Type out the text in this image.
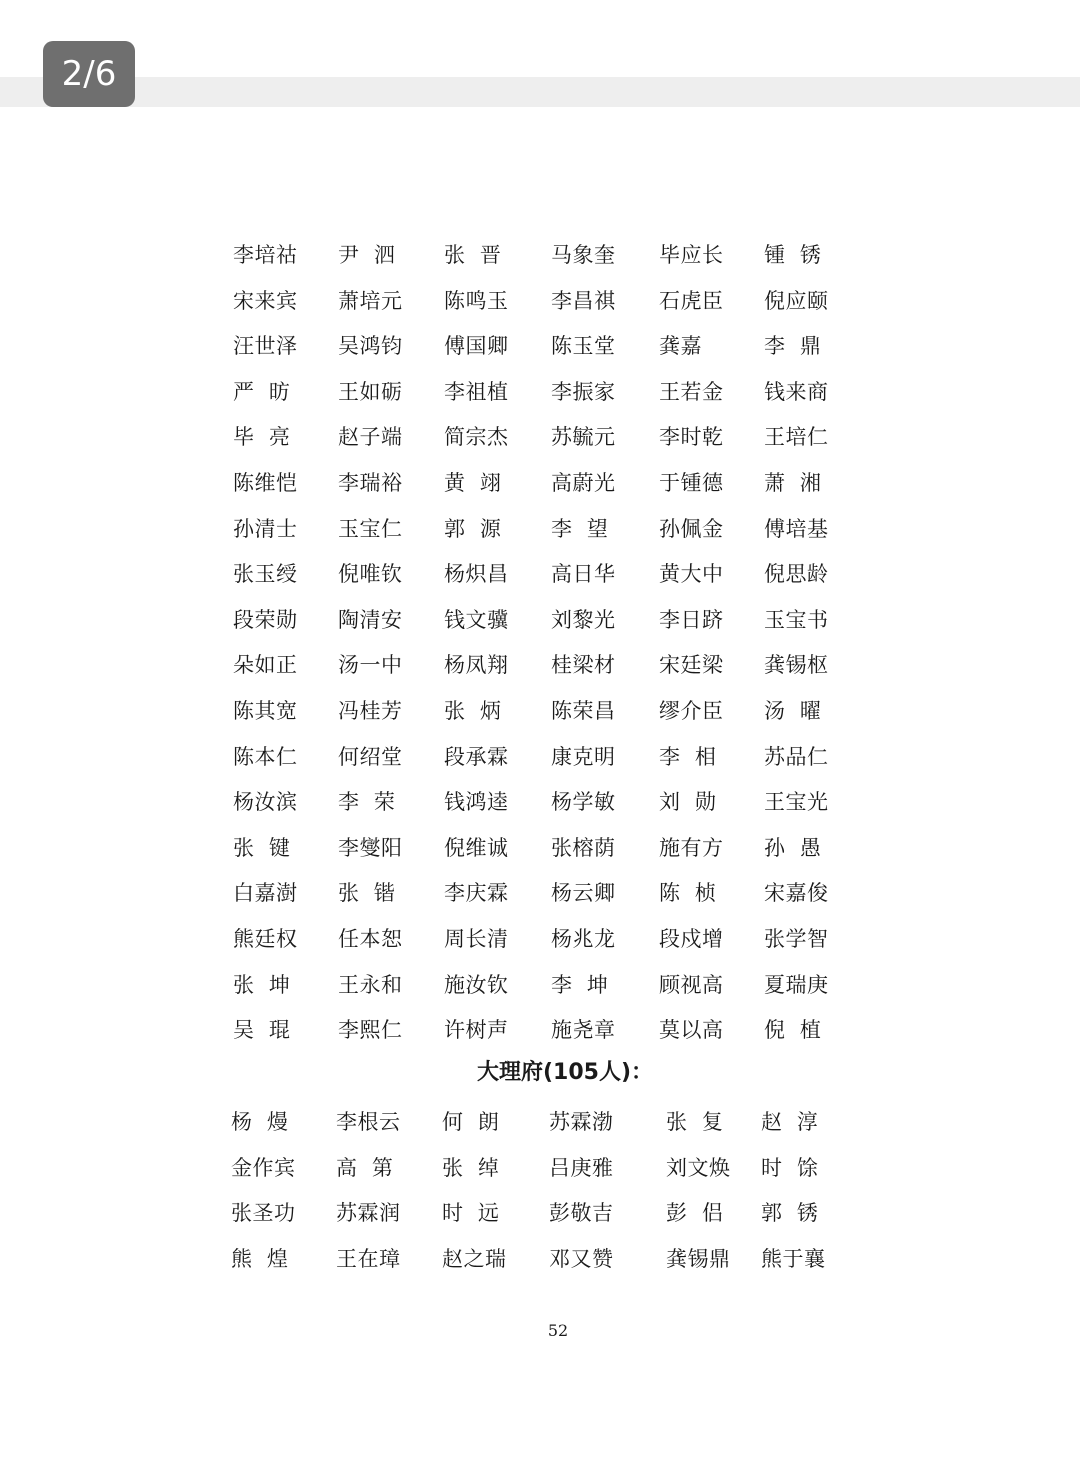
2/6
李培祜 尹  泗 张  晋 马象奎 毕应长 锺  锈
宋来宾 萧培元 陈鸣玉 李昌祺 石虎臣 倪应颐
汪世泽 吴鸿钧 傅国卿 陈玉堂 龚嘉	李  鼎
严  昉 王如砺 李祖植 李振家 王若金 钱来商
毕  亮 赵子端 简宗杰 苏毓元 李时乾 王培仁
陈维恺 李瑞裕 黄  翊 高蔚光 于锺德 萧  湘
孙清士 玉宝仁 郭  源 李  望 孙佩金 傅培基
张玉绶 倪唯钦 杨炽昌 高日华 黄大中 倪思龄
段荣勋 陶清安 钱文骥 刘黎光 李日跻 玉宝书
朵如正 汤一中 杨凤翔 桂梁材 宋廷梁 龚锡枢
陈其宽 冯桂芳 张  炳 陈荣昌 缪介臣 汤  曜
陈本仁 何绍堂 段承霖 康克明 李  相 苏品仁
杨汝滨 李  荣 钱鸿逵 杨学敏 刘  勋 王宝光
张  键 李燮阳 倪维诚 张榕荫 施有方 孙  愚
白嘉澍 张  锴 李庆霖 杨云卿 陈  桢 宋嘉俊
熊廷权 任本恕 周长清 杨兆龙 段戍增 张学智
张  坤 王永和 施汝钦 李  坤 顾视高 夏瑞庚
吴  琨 李熙仁 许树声 施尧章 莫以高 倪  植
杨  熳 李根云 何  朗 苏霖渤	张  复 赵  淳
金作宾 高  第 张  绰 吕庚雅	刘文焕 时  馀
张圣功 苏霖润 时  远 彭敬吉	彭  侣 郭  锈
熊  煌 王在璋 赵之瑞 邓又赞	龚锡鼎 熊于襄
大理府(105人)：
52
